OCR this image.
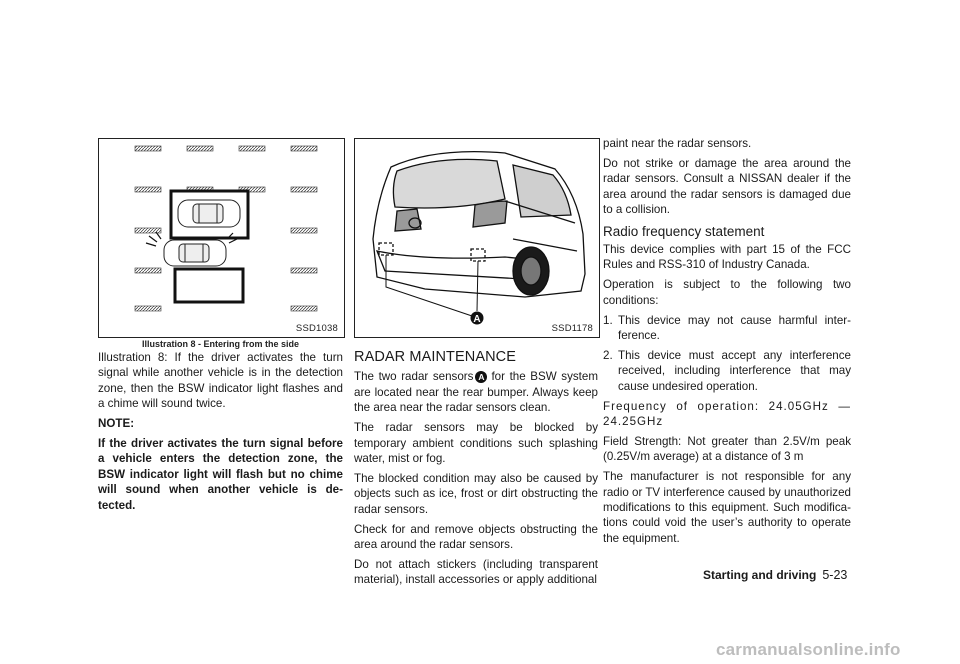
SSD1038
Illustration 8 - Entering from the side
A
SSD1178

Illustration 8: If the driver activates the turn signal while another vehicle is in the detection zone, then the BSW indicator light flashes and a chime will sound twice.

NOTE:

If the driver activates the turn signal before a vehicle enters the detection zone, the BSW indicator light will flash but no chime will sound when another vehicle is de-tected.

RADAR MAINTENANCE

The two radar sensors A for the BSW system are located near the rear bumper. Always keep the area near the radar sensors clean.

The radar sensors may be blocked by temporary ambient conditions such splashing water, mist or fog.

The blocked condition may also be caused by objects such as ice, frost or dirt obstructing the radar sensors.

Check for and remove objects obstructing the area around the radar sensors.

Do not attach stickers (including transparent material), install accessories or apply additional

paint near the radar sensors.

Do not strike or damage the area around the radar sensors. Consult a NISSAN dealer if the area around the radar sensors is damaged due to a collision.

Radio frequency statement

This device complies with part 15 of the FCC Rules and RSS-310 of Industry Canada.

Operation is subject to the following two conditions:

1. This device may not cause harmful inter-ference.
2. This device must accept any interference received, including interference that may cause undesired operation.

Frequency of operation: 24.05GHz — 24.25GHz

Field Strength: Not greater than 2.5V/m peak (0.25V/m average) at a distance of 3 m

The manufacturer is not responsible for any radio or TV interference caused by unauthorized modifications to this equipment. Such modifica-tions could void the user’s authority to operate the equipment.

Starting and driving 5-23
carmanualsonline.info
